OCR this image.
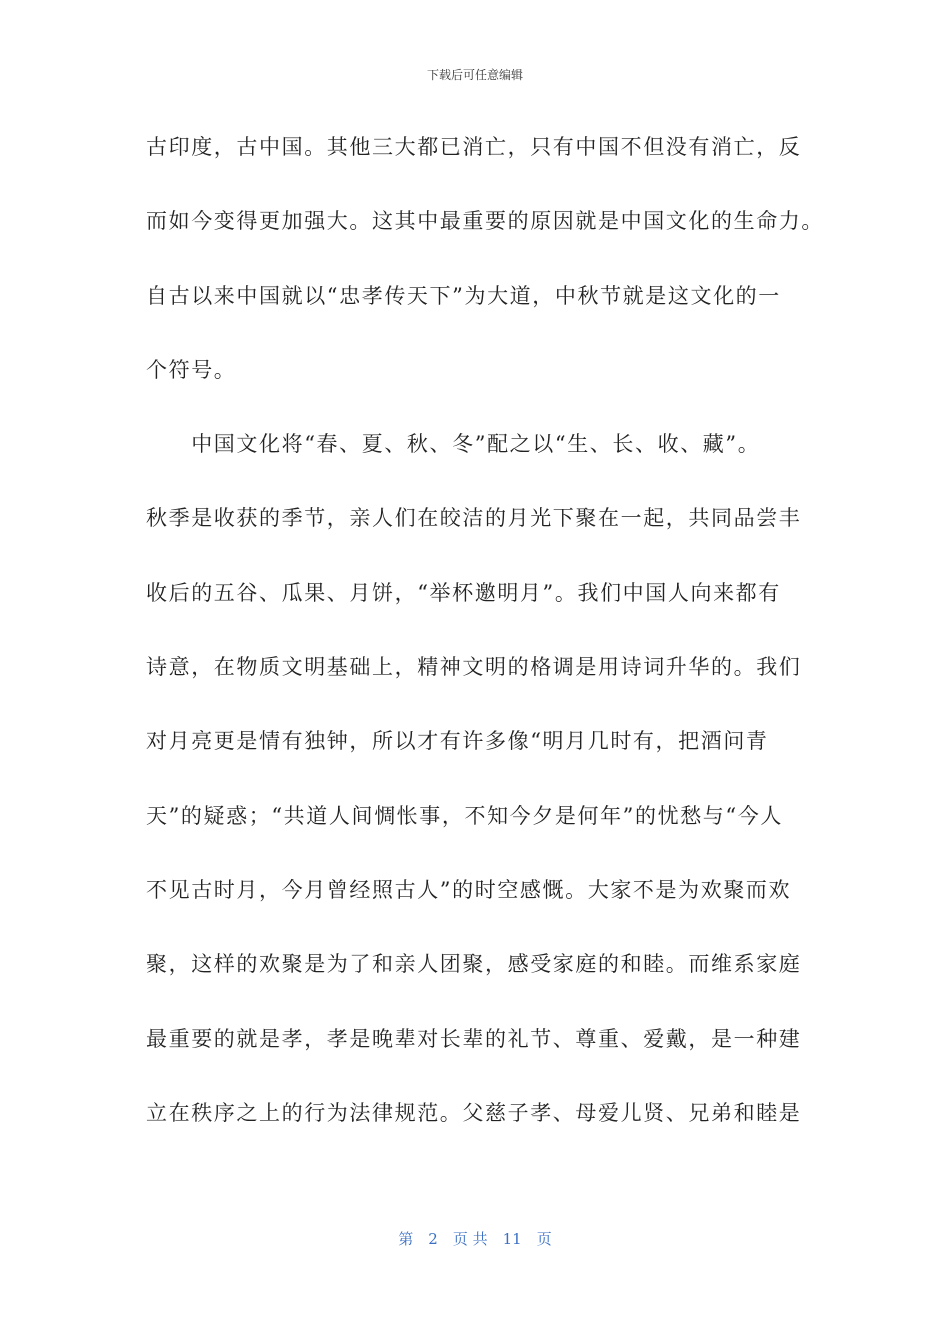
下载后可任意编辑
古印度，古中国。其他三大都已消亡，只有中国不但没有消亡，反
而如今变得更加强大。这其中最重要的原因就是中国文化的生命力。
自古以来中国就以“忠孝传天下”为大道，中秋节就是这文化的一
个符号。
　　中国文化将“春、夏、秋、冬”配之以“生、长、收、藏”。
秋季是收获的季节，亲人们在皎洁的月光下聚在一起，共同品尝丰
收后的五谷、瓜果、月饼，“举杯邀明月”。我们中国人向来都有
诗意，在物质文明基础上，精神文明的格调是用诗词升华的。我们
对月亮更是情有独钟，所以才有许多像“明月几时有，把酒问青
天”的疑惑；“共道人间惆怅事，不知今夕是何年”的忧愁与“今人
不见古时月，今月曾经照古人”的时空感慨。大家不是为欢聚而欢
聚，这样的欢聚是为了和亲人团聚，感受家庭的和睦。而维系家庭
最重要的就是孝，孝是晚辈对长辈的礼节、尊重、爱戴，是一种建
立在秩序之上的行为法律规范。父慈子孝、母爱儿贤、兄弟和睦是
第　2　页 共　11　页
